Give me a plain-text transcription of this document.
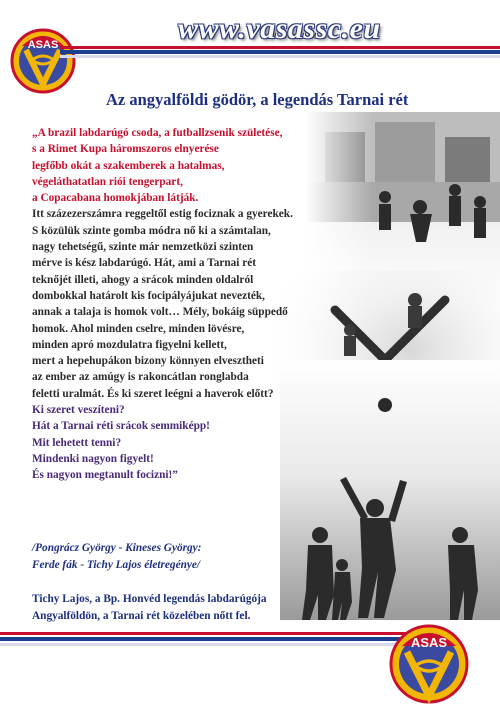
ASAS	www.vasassc.eu
Az angyalföldi gödör, a legendás Tarnai rét
„A brazil labdarúgó csoda, a futballzsenik születése,
s a Rimet Kupa háromszoros elnyerése
legfőbb okát a szakemberek a hatalmas,
végeláthatatlan riói tengerpart,
a Copacabana homokjában látják.
Itt százezerszámra reggeltől estig fociznak a gyerekek.
S közülük szinte gomba módra nő ki a számtalan,
nagy tehetségű, szinte már nemzetközi szinten
mérve is kész labdarúgó. Hát, ami a Tarnai rét
teknőjét illeti, ahogy a srácok minden oldalról
dombokkal határolt kis focipályájukat nevezték,
annak a talaja is homok volt… Mély, bokáig süppedő
homok. Ahol minden cselre, minden lövésre,
minden apró mozdulatra figyelni kellett,
mert a hepehupákon bizony könnyen elveszthetі
az ember az amúgy is rakoncátlan ronglabda
feletti uralmát. És ki szeret leégni a haverok előtt?
Ki szeret veszíteni?
Hát a Tarnai réti srácok semmiképp!
Mit lehetett tenni?
Mindenki nagyon figyelt!
És nagyon megtanult focizni!”
/Pongrácz György - Kineses György:
Ferde fák - Tichy Lajos életregénye/
Tichy Lajos, a Bp. Honvéd legendás labdarúgója
Angyalföldön, a Tarnai rét közelében nőtt fel.
ASAS
